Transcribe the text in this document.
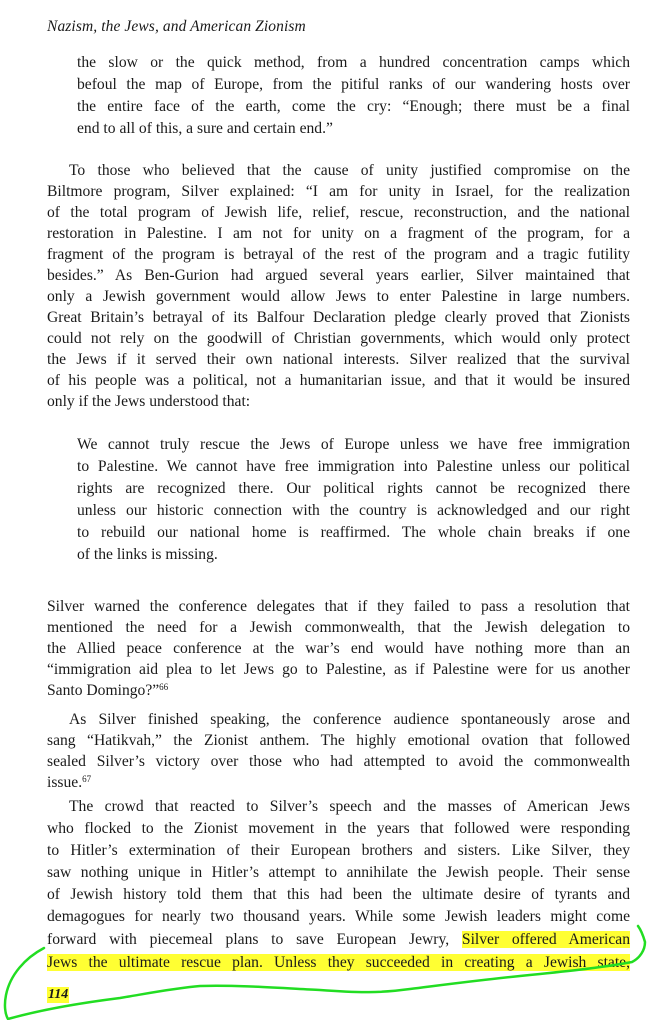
Nazism, the Jews, and American Zionism
the slow or the quick method, from a hundred concentration camps which
befoul the map of Europe, from the pitiful ranks of our wandering hosts over
the entire face of the earth, come the cry: “Enough; there must be a final
end to all of this, a sure and certain end.”
To those who believed that the cause of unity justified compromise on the
Biltmore program, Silver explained: “I am for unity in Israel, for the realization
of the total program of Jewish life, relief, rescue, reconstruction, and the national
restoration in Palestine. I am not for unity on a fragment of the program, for a
fragment of the program is betrayal of the rest of the program and a tragic futility
besides.” As Ben-Gurion had argued several years earlier, Silver maintained that
only a Jewish government would allow Jews to enter Palestine in large numbers.
Great Britain’s betrayal of its Balfour Declaration pledge clearly proved that Zionists
could not rely on the goodwill of Christian governments, which would only protect
the Jews if it served their own national interests. Silver realized that the survival
of his people was a political, not a humanitarian issue, and that it would be insured
only if the Jews understood that:
We cannot truly rescue the Jews of Europe unless we have free immigration
to Palestine. We cannot have free immigration into Palestine unless our political
rights are recognized there. Our political rights cannot be recognized there
unless our historic connection with the country is acknowledged and our right
to rebuild our national home is reaffirmed. The whole chain breaks if one
of the links is missing.
Silver warned the conference delegates that if they failed to pass a resolution that
mentioned the need for a Jewish commonwealth, that the Jewish delegation to
the Allied peace conference at the war’s end would have nothing more than an
“immigration aid plea to let Jews go to Palestine, as if Palestine were for us another
Santo Domingo?”$^{66}$
As Silver finished speaking, the conference audience spontaneously arose and
sang “Hatikvah,” the Zionist anthem. The highly emotional ovation that followed
sealed Silver’s victory over those who had attempted to avoid the commonwealth
issue.$^{67}$
The crowd that reacted to Silver’s speech and the masses of American Jews
who flocked to the Zionist movement in the years that followed were responding
to Hitler’s extermination of their European brothers and sisters. Like Silver, they
saw nothing unique in Hitler’s attempt to annihilate the Jewish people. Their sense
of Jewish history told them that this had been the ultimate desire of tyrants and
demagogues for nearly two thousand years. While some Jewish leaders might come
forward with piecemeal plans to save European Jewry, Silver offered American
Jews the ultimate rescue plan. Unless they succeeded in creating a Jewish state,
114
